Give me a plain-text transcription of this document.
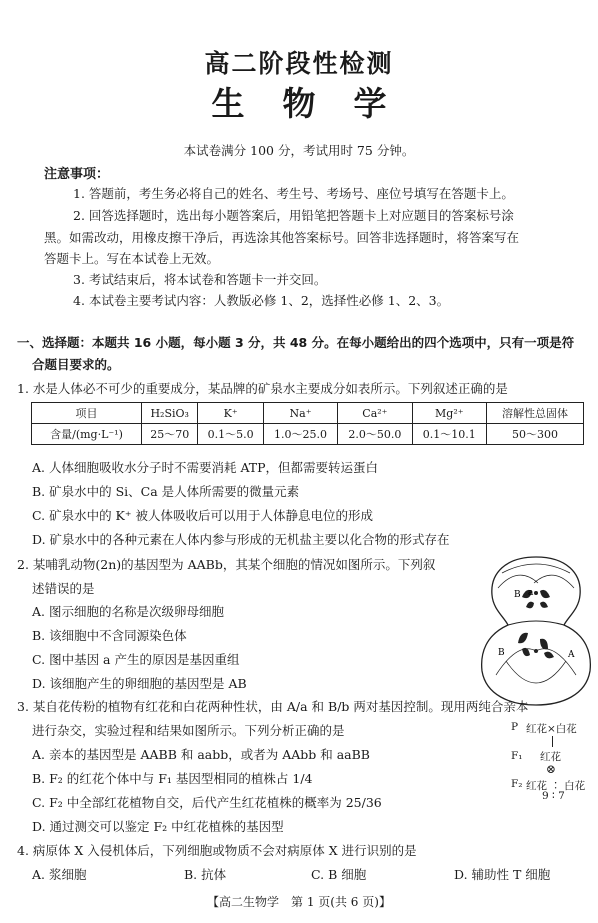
高二阶段性检测
生物学
本试卷满分 100 分，考试用时 75 分钟。
注意事项：
1. 答题前，考生务必将自己的姓名、考生号、考场号、座位号填写在答题卡上。
2. 回答选择题时，选出每小题答案后，用铅笔把答题卡上对应题目的答案标号涂
黑。如需改动，用橡皮擦干净后，再选涂其他答案标号。回答非选择题时，将答案写在
答题卡上。写在本试卷上无效。
3. 考试结束后，将本试卷和答题卡一并交回。
4. 本试卷主要考试内容：人教版必修 1、2，选择性必修 1、2、3。
一、选择题：本题共 16 小题，每小题 3 分，共 48 分。在每小题给出的四个选项中，只有一项是符
合题目要求的。
1. 水是人体必不可少的重要成分，某品牌的矿泉水主要成分如表所示。下列叙述正确的是
项目	H₂SiO₃	K⁺	Na⁺	Ca²⁺	Mg²⁺	溶解性总固体
含量/(mg·L⁻¹)	25～70	0.1～5.0	1.0～25.0	2.0～50.0	0.1～10.1	50～300
A. 人体细胞吸收水分子时不需要消耗 ATP，但都需要转运蛋白
B. 矿泉水中的 Si、Ca 是人体所需要的微量元素
C. 矿泉水中的 K⁺ 被人体吸收后可以用于人体静息电位的形成
D. 矿泉水中的各种元素在人体内参与形成的无机盐主要以化合物的形式存在
2. 某哺乳动物(2n)的基因型为 AABb，其某个细胞的情况如图所示。下列叙
述错误的是
A. 图示细胞的名称是次级卵母细胞
B. 该细胞中不含同源染色体
C. 图中基因 a 产生的原因是基因重组
D. 该细胞产生的卵细胞的基因型是 AB
B a
B	A
3. 某自花传粉的植物有红花和白花两种性状，由 A/a 和 B/b 两对基因控制。现用两纯合亲本
进行杂交，实验过程和结果如图所示。下列分析正确的是
A. 亲本的基因型是 AABB 和 aabb，或者为 AAbb 和 aaBB
B. F₂ 的红花个体中与 F₁ 基因型相同的植株占 1/4
C. F₂ 中全部红花植物自交，后代产生红花植株的概率为 25/36
D. 通过测交可以鉴定 F₂ 中红花植株的基因型
P 红花×白花
F₁ 红花
⊗
F₂ 红花 ∶ 白花
9 ∶ 7
4. 病原体 X 入侵机体后，下列细胞或物质不会对病原体 X 进行识别的是
A. 浆细胞	B. 抗体	C. B 细胞	D. 辅助性 T 细胞
【高二生物学　第 1 页(共 6 页)】
